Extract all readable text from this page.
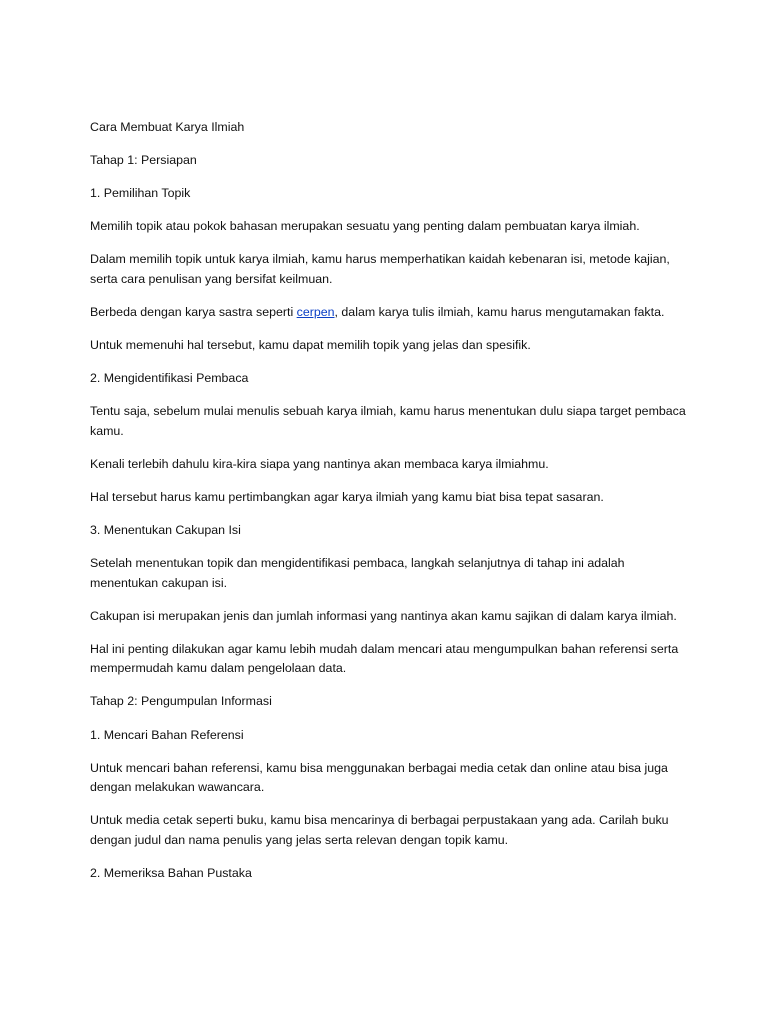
Cara Membuat Karya Ilmiah

Tahap 1: Persiapan

1. Pemilihan Topik

Memilih topik atau pokok bahasan merupakan sesuatu yang penting dalam pembuatan karya ilmiah.

Dalam memilih topik untuk karya ilmiah, kamu harus memperhatikan kaidah kebenaran isi, metode kajian, serta cara penulisan yang bersifat keilmuan.

Berbeda dengan karya sastra seperti cerpen, dalam karya tulis ilmiah, kamu harus mengutamakan fakta.

Untuk memenuhi hal tersebut, kamu dapat memilih topik yang jelas dan spesifik.

2. Mengidentifikasi Pembaca

Tentu saja, sebelum mulai menulis sebuah karya ilmiah, kamu harus menentukan dulu siapa target pembaca kamu.

Kenali terlebih dahulu kira-kira siapa yang nantinya akan membaca karya ilmiahmu.

Hal tersebut harus kamu pertimbangkan agar karya ilmiah yang kamu biat bisa tepat sasaran.

3. Menentukan Cakupan Isi

Setelah menentukan topik dan mengidentifikasi pembaca, langkah selanjutnya di tahap ini adalah menentukan cakupan isi.

Cakupan isi merupakan jenis dan jumlah informasi yang nantinya akan kamu sajikan di dalam karya ilmiah.

Hal ini penting dilakukan agar kamu lebih mudah dalam mencari atau mengumpulkan bahan referensi serta mempermudah kamu dalam pengelolaan data.

Tahap 2: Pengumpulan Informasi

1. Mencari Bahan Referensi

Untuk mencari bahan referensi, kamu bisa menggunakan berbagai media cetak dan online atau bisa juga dengan melakukan wawancara.

Untuk media cetak seperti buku, kamu bisa mencarinya di berbagai perpustakaan yang ada. Carilah buku dengan judul dan nama penulis yang jelas serta relevan dengan topik kamu.

2. Memeriksa Bahan Pustaka
